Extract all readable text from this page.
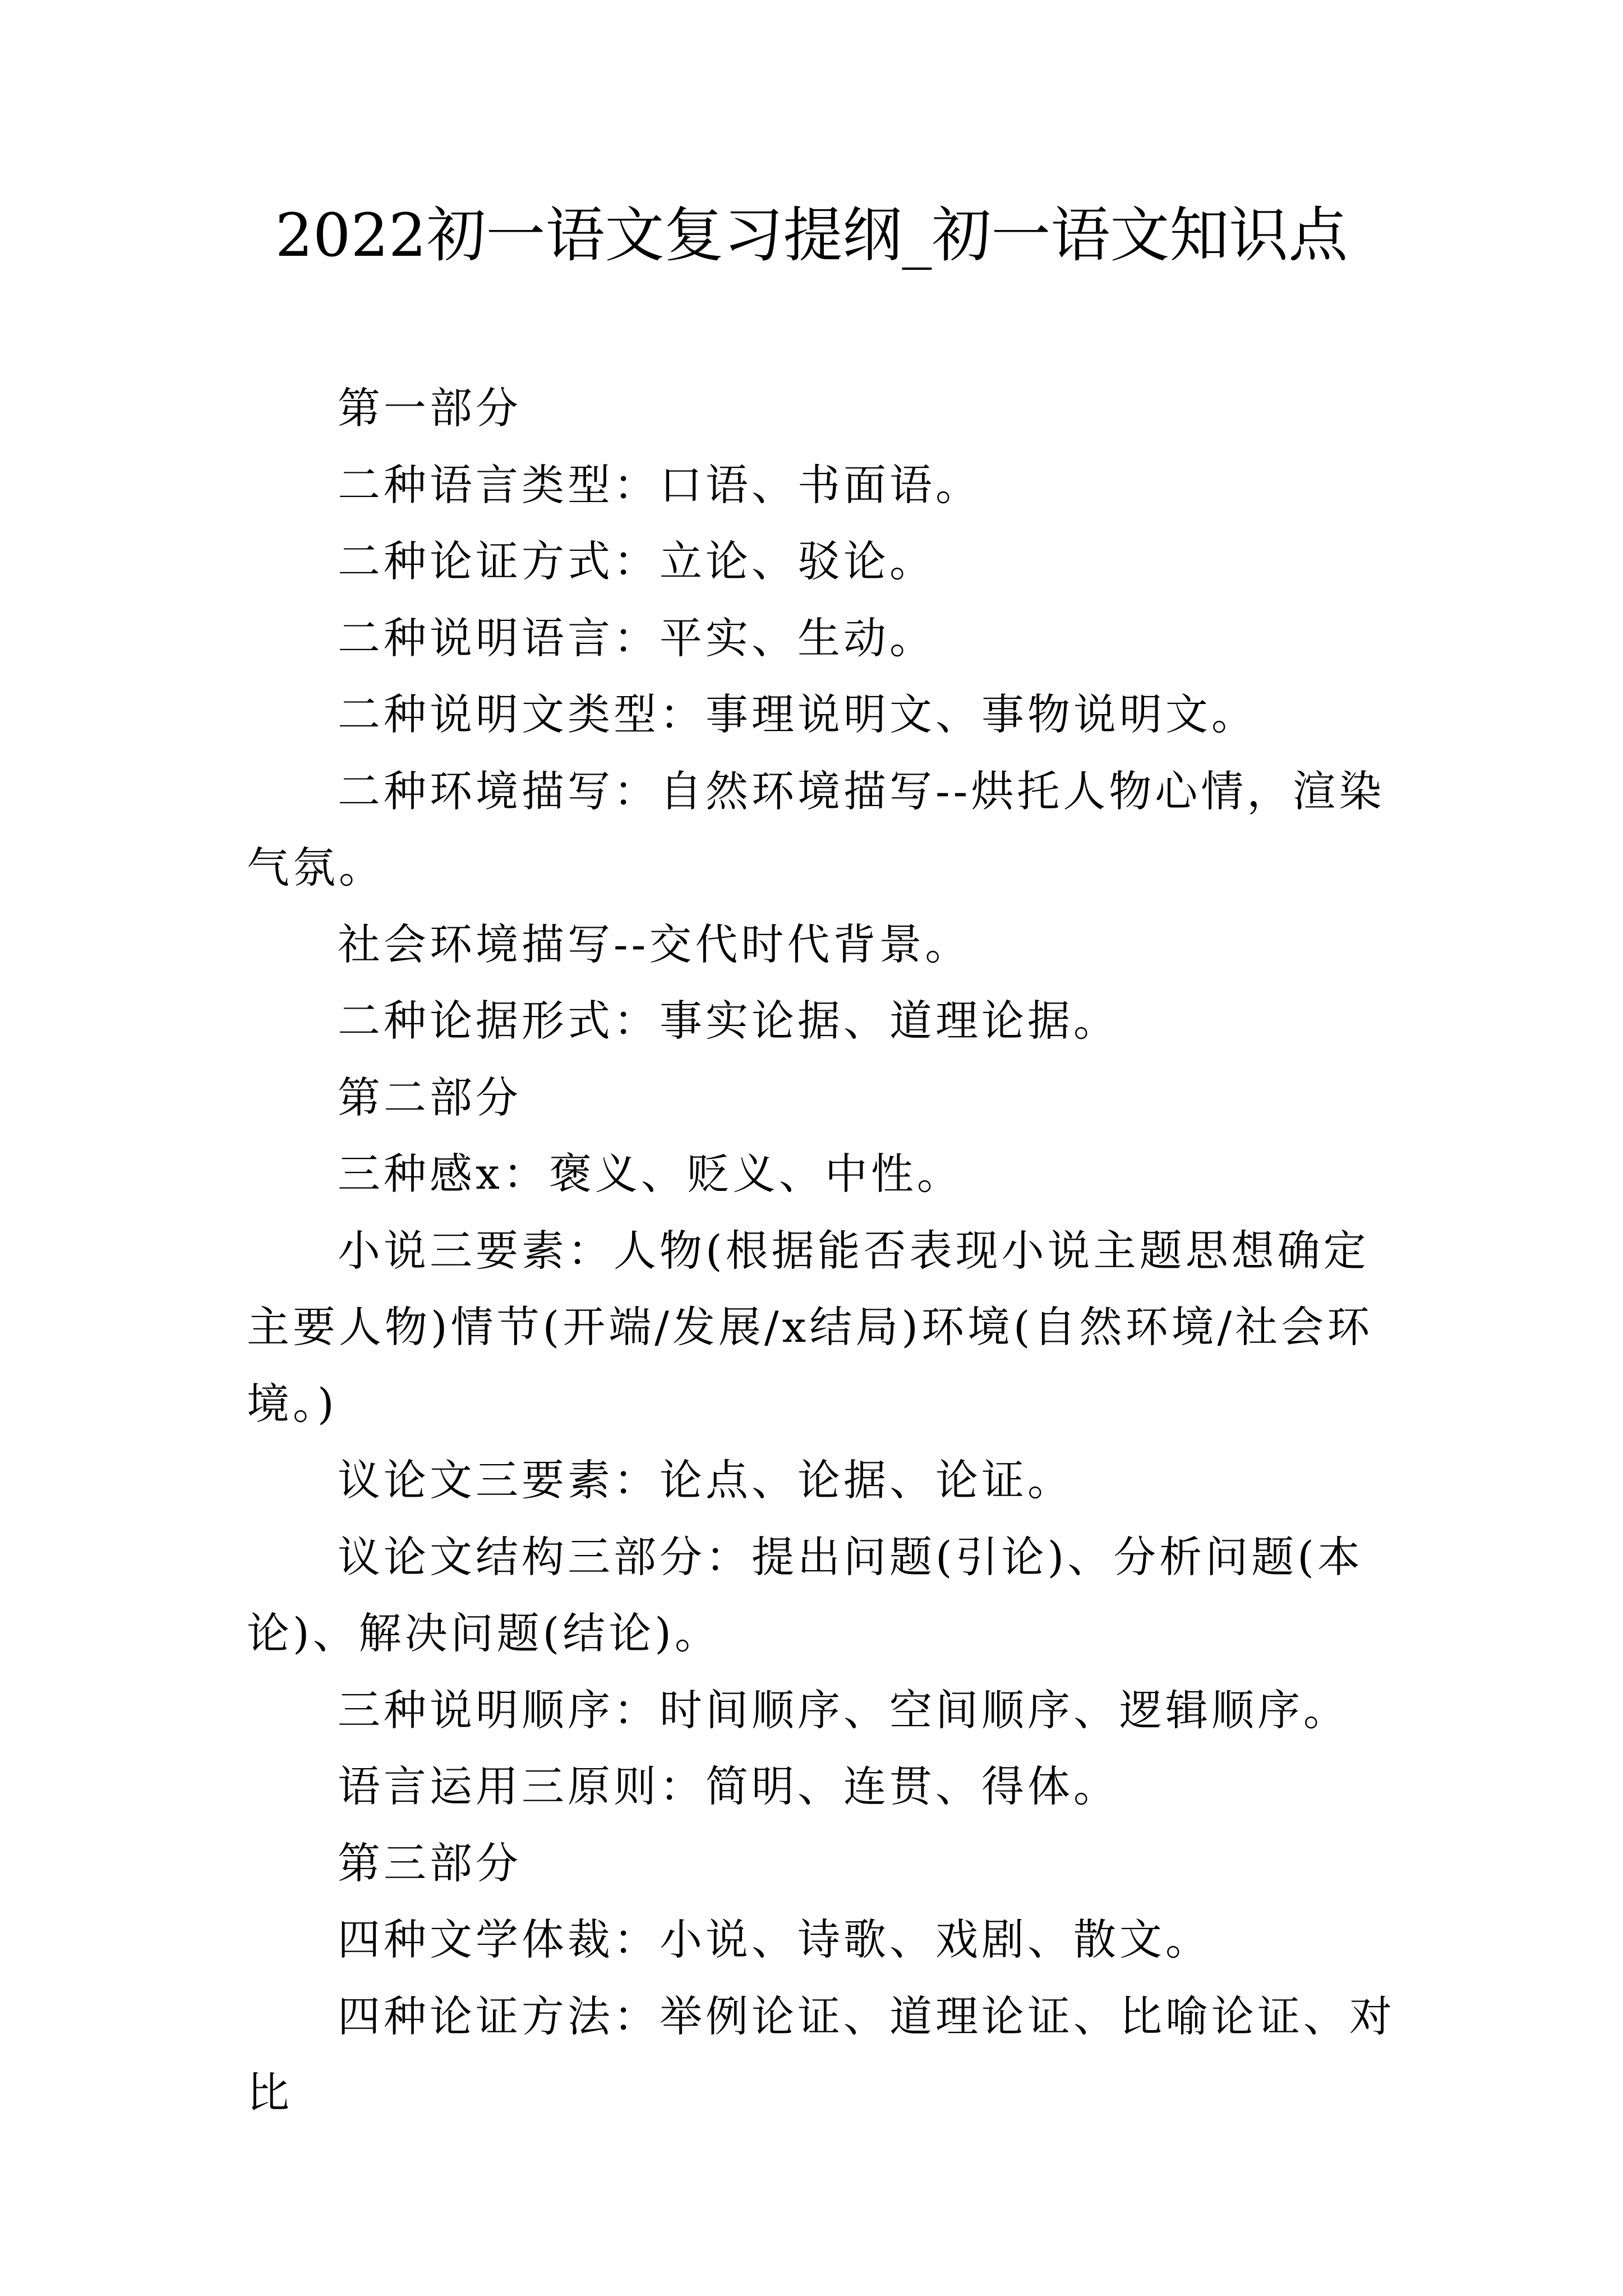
2022初一语文复习提纲_初一语文知识点

第一部分

二种语言类型：口语、书面语。

二种论证方式：立论、驳论。

二种说明语言：平实、生动。

二种说明文类型：事理说明文、事物说明文。

二种环境描写：自然环境描写--烘托人物心情，渲染气氛。

社会环境描写--交代时代背景。

二种论据形式：事实论据、道理论据。

第二部分

三种感x：褒义、贬义、中性。

小说三要素：人物(根据能否表现小说主题思想确定主要人物)情节(开端/发展/x结局)环境(自然环境/社会环境。)

议论文三要素：论点、论据、论证。

议论文结构三部分：提出问题(引论)、分析问题(本论)、解决问题(结论)。

三种说明顺序：时间顺序、空间顺序、逻辑顺序。

语言运用三原则：简明、连贯、得体。

第三部分

四种文学体裁：小说、诗歌、戏剧、散文。

四种论证方法：举例论证、道理论证、比喻论证、对比
